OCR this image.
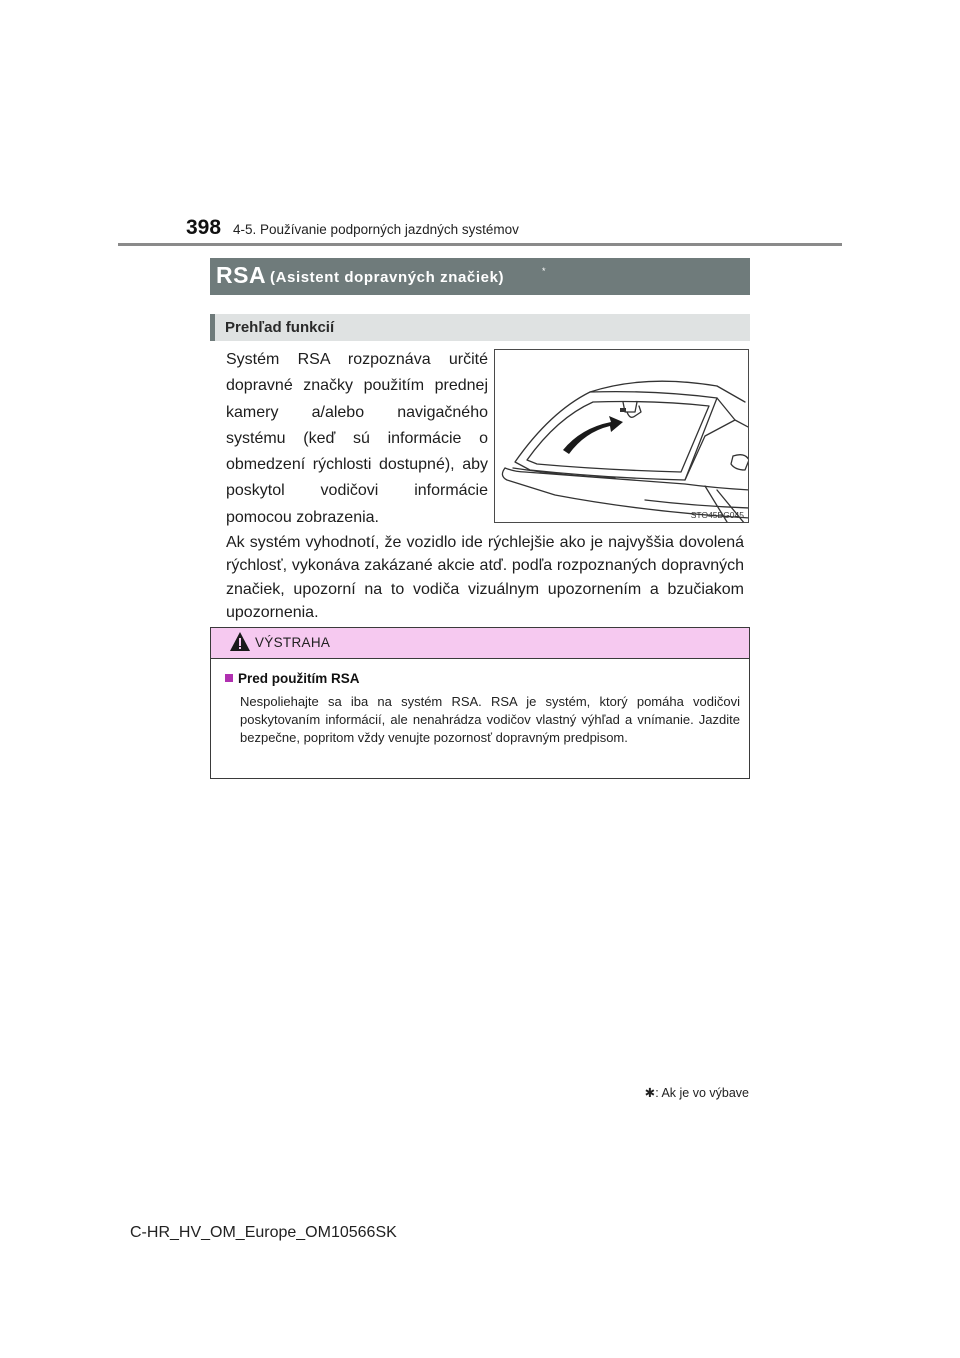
398 4-5. Používanie podporných jazdných systémov
RSA (Asistent dopravných značiek)	*
Prehľad funkcií
Systém RSA rozpoznáva určité dopravné značky použitím prednej kamery a/alebo navigačného systému (keď sú informácie o obmedzení rýchlosti dostupné), aby poskytol vodičovi informácie pomocou zobrazenia.	STO45BG045
Ak systém vyhodnotí, že vozidlo ide rýchlejšie ako je najvyššia dovolená rýchlosť, vykonáva zakázané akcie atď. podľa rozpoznaných dopravných značiek, upozorní na to vodiča vizuálnym upozornením a bzučiakom upozornenia.
VÝSTRAHA
Pred použitím RSA
Nespoliehajte sa iba na systém RSA. RSA je systém, ktorý pomáha vodičovi poskytovaním informácií, ale nenahrádza vodičov vlastný výhľad a vnímanie. Jazdite bezpečne, popritom vždy venujte pozornosť dopravným predpisom.
✱: Ak je vo výbave
C-HR_HV_OM_Europe_OM10566SK
